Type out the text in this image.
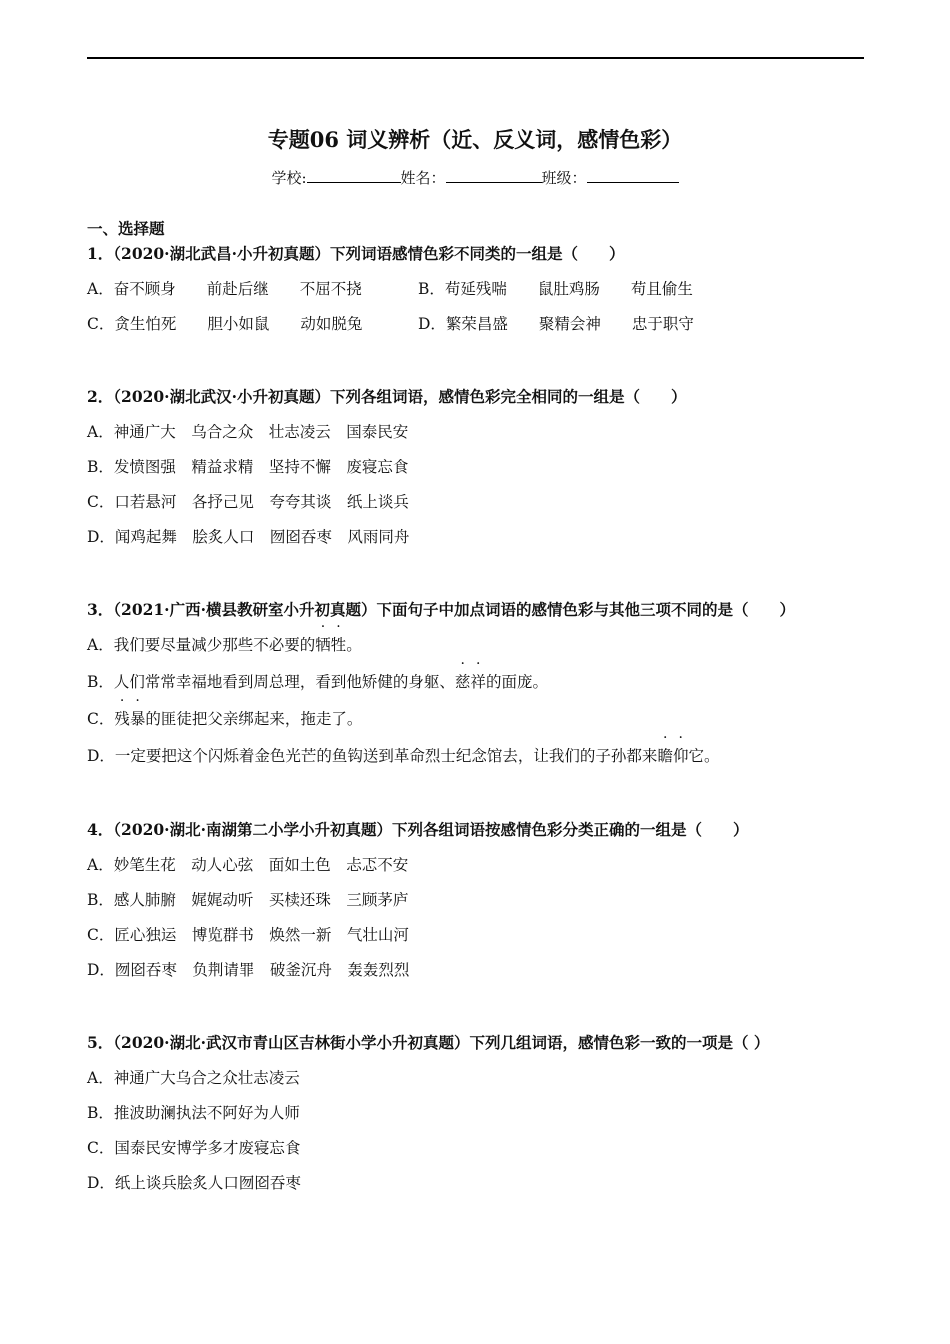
专题06 词义辨析（近、反义词，感情色彩）
学校:	姓名：	班级：
一、选择题
1．（2020·湖北武昌·小升初真题）下列词语感情色彩不同类的一组是（　　）
A．奋不顾身　　前赴后继　　不屈不挠	B．苟延残喘　　鼠肚鸡肠　　苟且偷生
C．贪生怕死　　胆小如鼠　　动如脱兔	D．繁荣昌盛　　聚精会神　　忠于职守
2．（2020·湖北武汉·小升初真题）下列各组词语，感情色彩完全相同的一组是（　　）
A．神通广大　乌合之众　壮志凌云　国泰民安
B．发愤图强　精益求精　坚持不懈　废寝忘食
C．口若悬河　各抒己见　夸夸其谈　纸上谈兵
D．闻鸡起舞　脍炙人口　囫囵吞枣　风雨同舟
3．（2021·广西·横县教研室小升初真题）下面句子中加点词语的感情色彩与其他三项不同的是（　　）
A．我们要尽量减少那些不必要的牺牲。
B．人们常常幸福地看到周总理，看到他矫健的身躯、慈祥的面庞。
C．残暴的匪徒把父亲绑起来，拖走了。
D．一定要把这个闪烁着金色光芒的鱼钩送到革命烈士纪念馆去，让我们的子孙都来瞻仰它。
4．（2020·湖北·南湖第二小学小升初真题）下列各组词语按感情色彩分类正确的一组是（　　）
A．妙笔生花　动人心弦　面如土色　忐忑不安
B．感人肺腑　娓娓动听　买椟还珠　三顾茅庐
C．匠心独运　博览群书　焕然一新　气壮山河
D．囫囵吞枣　负荆请罪　破釜沉舟　轰轰烈烈
5．（2020·湖北·武汉市青山区吉林街小学小升初真题）下列几组词语，感情色彩一致的一项是（ ）
A．神通广大乌合之众壮志凌云
B．推波助澜执法不阿好为人师
C．国泰民安博学多才废寝忘食
D．纸上谈兵脍炙人口囫囵吞枣
